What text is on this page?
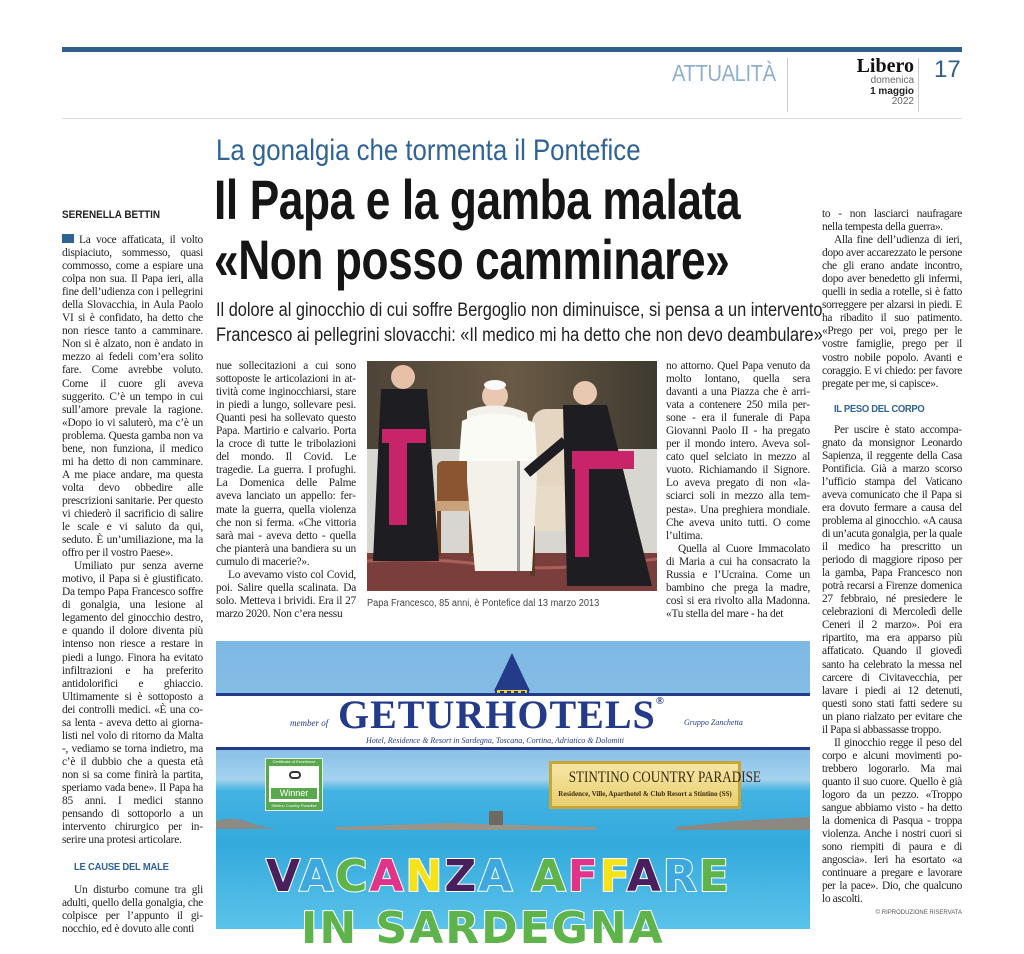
ATTUALITÀ	Libero
domenica
1 maggio
2022
17
La gonalgia che tormenta il Pontefice
Il Papa e la gamba malata
«Non posso camminare»
Il dolore al ginocchio di cui soffre Bergoglio non diminuisce, si pensa a un intervento
Francesco ai pellegrini slovacchi: «Il medico mi ha detto che non devo deambulare»
SERENELLA BETTIN

La voce affaticata, il volto dispiaciuto, sommesso, quasi commosso, come a espiare una colpa non sua. Il Papa ieri, alla fine dell’udienza con i pellegrini della Slovacchia, in Aula Paolo VI si è confidato, ha detto che non riesce tanto a camminare. Non si è alzato, non è andato in mezzo ai fedeli com’era solito fare. Come avrebbe voluto. Come il cuore gli aveva suggerito. C’è un tempo in cui sull’amore prevale la ragione. «Dopo io vi saluterò, ma c’è un problema. Questa gamba non va bene, non funziona, il medico mi ha detto di non camminare. A me piace andare, ma questa volta devo obbedire alle prescrizioni sanitarie. Per questo vi chiederò il sacrificio di salire le scale e vi saluto da qui, seduto. È un’umiliazione, ma la offro per il vostro Paese».

Umiliato pur senza averne motivo, il Papa si è giustificato. Da tempo Papa Francesco soffre di gonalgia, una lesione al legamento del ginocchio destro, e quando il dolore diventa più intenso non riesce a restare in piedi a lungo. Finora ha evitato infiltrazioni e ha preferito antidolorifici e ghiaccio. Ultimamente si è sottoposto a dei controlli medici. «È una cosa lenta - aveva detto ai giornalisti nel volo di ritorno da Malta -, vediamo se torna indietro, ma c’è il dubbio che a questa età non si sa come finirà la partita, speriamo vada bene». Il Papa ha 85 anni. I medici stanno pensando di sottoporlo a un intervento chirurgico per inserire una protesi articolare.

LE CAUSE DEL MALE

Un disturbo comune tra gli adulti, quello della gonalgia, che colpisce per l’appunto il ginocchio, ed è dovuto alle conti

nue sollecitazioni a cui sono sottoposte le articolazioni in attività come inginocchiarsi, stare in piedi a lungo, sollevare pesi. Quanti pesi ha sollevato questo Papa. Martirio e calvario. Porta la croce di tutte le tribolazioni del mondo. Il Covid. Le tragedie. La guerra. I profughi. La Domenica delle Palme aveva lanciato un appello: fermate la guerra, quella violenza che non si ferma. «Che vittoria sarà mai - aveva detto - quella che pianterà una bandiera su un cumulo di macerie?».

Lo avevamo visto col Covid, poi. Salire quella scalinata. Da solo. Metteva i brividi. Era il 27 marzo 2020. Non c’era nessu

Papa Francesco, 85 anni, è Pontefice dal 13 marzo 2013

no attorno. Quel Papa venuto da molto lontano, quella sera davanti a una Piazza che è arrivata a contenere 250 mila persone - era il funerale di Papa Giovanni Paolo II - ha pregato per il mondo intero. Aveva solcato quel selciato in mezzo al vuoto. Richiamando il Signore. Lo aveva pregato di non «lasciarci soli in mezzo alla tempesta». Una preghiera mondiale. Che aveva unito tutti. O come l’ultima.

Quella al Cuore Immacolato di Maria a cui ha consacrato la Russia e l’Ucraina. Come un bambino che prega la madre, così si era rivolto alla Madonna. «Tu stella del mare - ha det

to - non lasciarci naufragare nella tempesta della guerra».

Alla fine dell’udienza di ieri, dopo aver accarezzato le persone che gli erano andate incontro, dopo aver benedetto gli infermi, quelli in sedia a rotelle, si è fatto sorreggere per alzarsi in piedi. E ha ribadito il suo patimento. «Prego per voi, prego per le vostre famiglie, prego per il vostro nobile popolo. Avanti e coraggio. E vi chiedo: per favore pregate per me, si capisce».

IL PESO DEL CORPO

Per uscire è stato accompagnato da monsignor Leonardo Sapienza, il reggente della Casa Pontificia. Già a marzo scorso l’ufficio stampa del Vaticano aveva comunicato che il Papa si era dovuto fermare a causa del problema al ginocchio. «A causa di un’acuta gonalgia, per la quale il medico ha prescritto un periodo di maggiore riposo per la gamba, Papa Francesco non potrà recarsi a Firenze domenica 27 febbraio, né presiedere le celebrazioni di Mercoledì delle Ceneri il 2 marzo». Poi era ripartito, ma era apparso più affaticato. Quando il giovedì santo ha celebrato la messa nel carcere di Civitavecchia, per lavare i piedi ai 12 detenuti, questi sono stati fatti sedere su un piano rialzato per evitare che il Papa si abbassasse troppo.

Il ginocchio regge il peso del corpo e alcuni movimenti potrebbero logorarlo. Ma mai quanto il suo cuore. Quello è già logoro da un pezzo. «Troppo sangue abbiamo visto - ha detto la domenica di Pasqua - troppa violenza. Anche i nostri cuori si sono riempiti di paura e di angoscia». Ieri ha esortato «a continuare a pregare e lavorare per la pace». Dio, che qualcuno lo ascolti.

© RIPRODUZIONE RISERVATA
member of GETURHOTELS®
Gruppo Zanchetta
Hotel, Residence & Resort in Sardegna, Toscana, Cortina, Adriatico & Dolomiti
Certificate of Excellence
Winner
Stintino Country Paradise
STINTINO COUNTRY PARADISE
Residence, Ville, Aparthotel & Club Resort a Stintino (SS)
VACANZA AFFARE
IN SARDEGNA
